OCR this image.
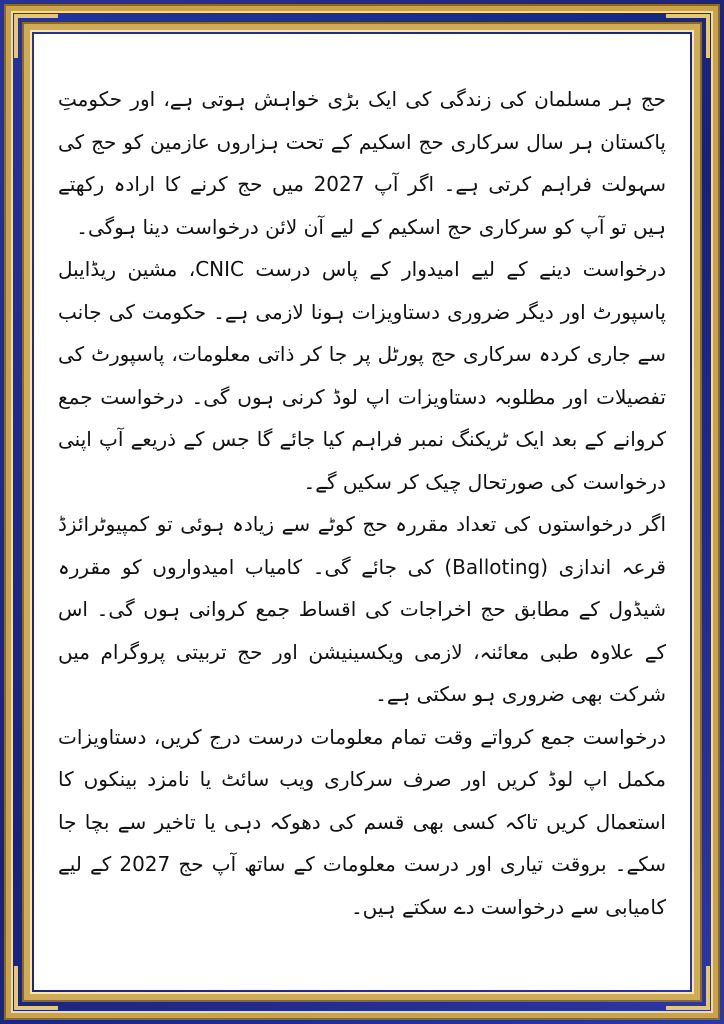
حج ہر مسلمان کی زندگی کی ایک بڑی خواہش ہوتی ہے، اور حکومتِ پاکستان ہر سال سرکاری حج اسکیم کے تحت ہزاروں عازمین کو حج کی سہولت فراہم کرتی ہے۔ اگر آپ 2027 میں حج کرنے کا ارادہ رکھتے ہیں تو آپ کو سرکاری حج اسکیم کے لیے آن لائن درخواست دینا ہوگی۔

درخواست دینے کے لیے امیدوار کے پاس درست CNIC، مشین ریڈایبل پاسپورٹ اور دیگر ضروری دستاویزات ہونا لازمی ہے۔ حکومت کی جانب سے جاری کردہ سرکاری حج پورٹل پر جا کر ذاتی معلومات، پاسپورٹ کی تفصیلات اور مطلوبہ دستاویزات اپ لوڈ کرنی ہوں گی۔ درخواست جمع کروانے کے بعد ایک ٹریکنگ نمبر فراہم کیا جائے گا جس کے ذریعے آپ اپنی درخواست کی صورتحال چیک کر سکیں گے۔

اگر درخواستوں کی تعداد مقررہ حج کوٹے سے زیادہ ہوئی تو کمپیوٹرائزڈ قرعہ اندازی (Balloting) کی جائے گی۔ کامیاب امیدواروں کو مقررہ شیڈول کے مطابق حج اخراجات کی اقساط جمع کروانی ہوں گی۔ اس کے علاوہ طبی معائنہ، لازمی ویکسینیشن اور حج تربیتی پروگرام میں شرکت بھی ضروری ہو سکتی ہے۔

درخواست جمع کرواتے وقت تمام معلومات درست درج کریں، دستاویزات مکمل اپ لوڈ کریں اور صرف سرکاری ویب سائٹ یا نامزد بینکوں کا استعمال کریں تاکہ کسی بھی قسم کی دھوکہ دہی یا تاخیر سے بچا جا سکے۔ بروقت تیاری اور درست معلومات کے ساتھ آپ حج 2027 کے لیے کامیابی سے درخواست دے سکتے ہیں۔
